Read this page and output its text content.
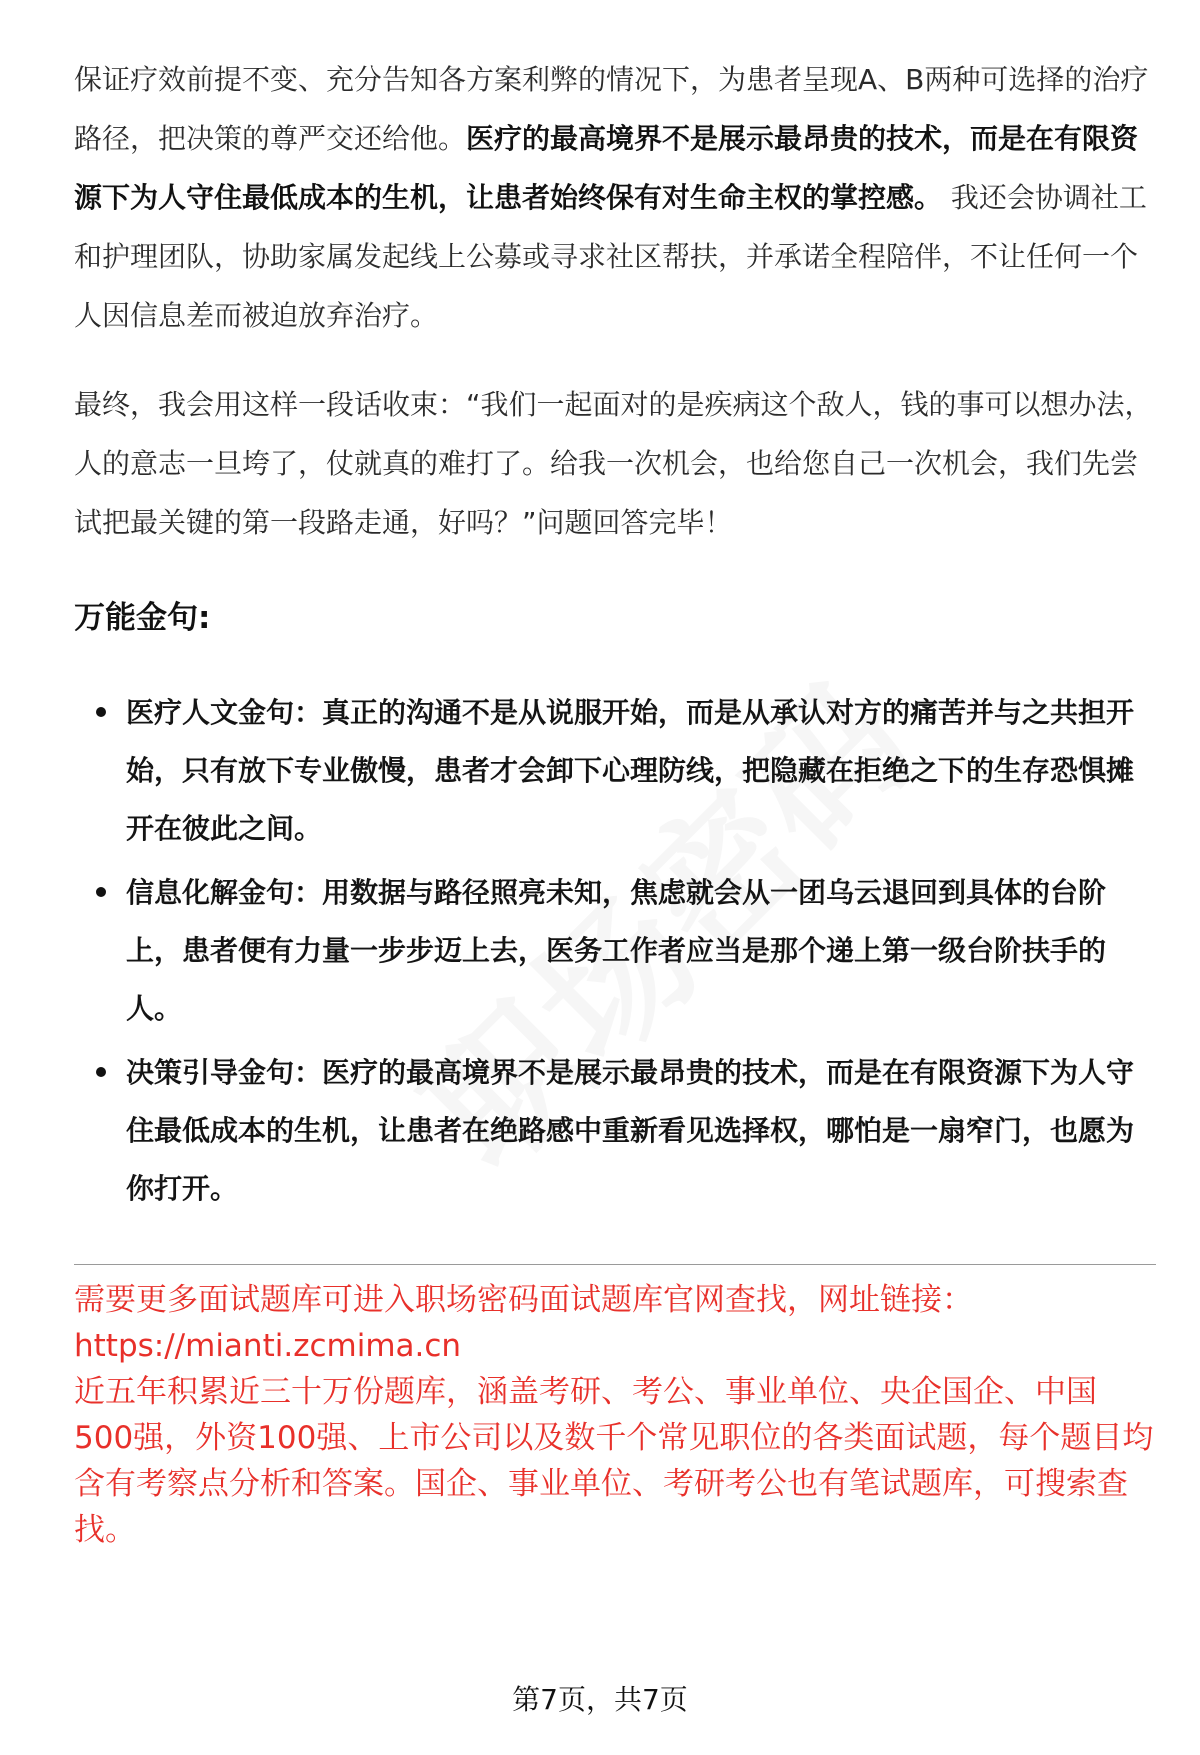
保证疗效前提不变、充分告知各方案利弊的情况下，为患者呈现A、B两种可选择的治疗路径，把决策的尊严交还给他。医疗的最高境界不是展示最昂贵的技术，而是在有限资源下为人守住最低成本的生机，让患者始终保有对生命主权的掌控感。 我还会协调社工和护理团队，协助家属发起线上公募或寻求社区帮扶，并承诺全程陪伴，不让任何一个人因信息差而被迫放弃治疗。

最终，我会用这样一段话收束：“我们一起面对的是疾病这个敌人，钱的事可以想办法，人的意志一旦垮了，仗就真的难打了。给我一次机会，也给您自己一次机会，我们先尝试把最关键的第一段路走通，好吗？”问题回答完毕！

万能金句:
医疗人文金句：真正的沟通不是从说服开始，而是从承认对方的痛苦并与之共担开始，只有放下专业傲慢，患者才会卸下心理防线，把隐藏在拒绝之下的生存恐惧摊开在彼此之间。
信息化解金句：用数据与路径照亮未知，焦虑就会从一团乌云退回到具体的台阶上，患者便有力量一步步迈上去，医务工作者应当是那个递上第一级台阶扶手的人。
决策引导金句：医疗的最高境界不是展示最昂贵的技术，而是在有限资源下为人守住最低成本的生机，让患者在绝路感中重新看见选择权，哪怕是一扇窄门，也愿为你打开。

需要更多面试题库可进入职场密码面试题库官网查找，网址链接：

https://mianti.zcmima.cn

近五年积累近三十万份题库，涵盖考研、考公、事业单位、央企国企、中国500强，外资100强、上市公司以及数千个常见职位的各类面试题，每个题目均含有考察点分析和答案。国企、事业单位、考研考公也有笔试题库，可搜索查找。

第7页，共7页
